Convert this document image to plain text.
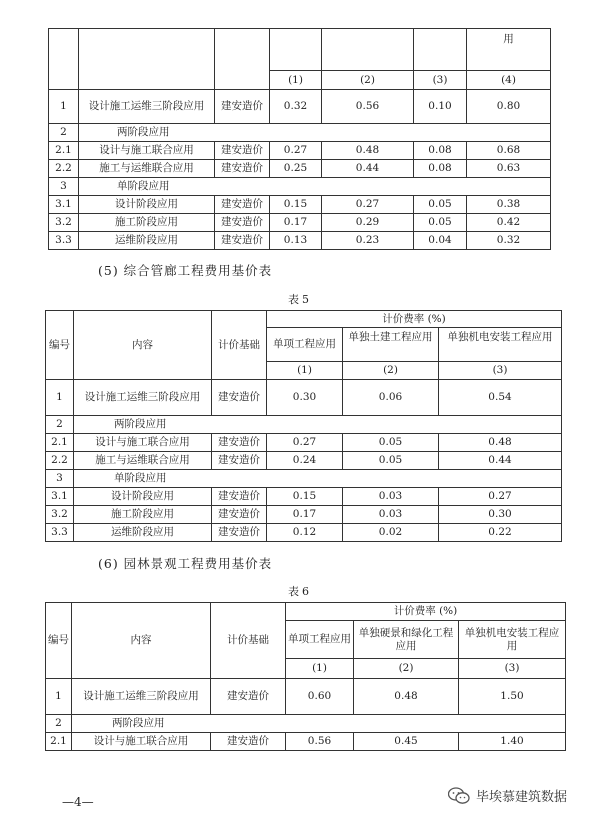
						用
			(1)	(2)	(3)	(4)
1	设计施工运维三阶段应用	建安造价	0.32	0.56	0.10	0.80
2	两阶段应用					
2.1	设计与施工联合应用	建安造价	0.27	0.48	0.08	0.68
2.2	施工与运维联合应用	建安造价	0.25	0.44	0.08	0.63
3	单阶段应用					
3.1	设计阶段应用	建安造价	0.15	0.27	0.05	0.38
3.2	施工阶段应用	建安造价	0.17	0.29	0.05	0.42
3.3	运维阶段应用	建安造价	0.13	0.23	0.04	0.32
(5) 综合管廊工程费用基价表
表5
编号	内容	计价基础	计价费率 (%)		
			单项工程应用	单独土建工程应用	单独机电安装工程应用
			(1)	(2)	(3)
1	设计施工运维三阶段应用	建安造价	0.30	0.06	0.54
2	两阶段应用				
2.1	设计与施工联合应用	建安造价	0.27	0.05	0.48
2.2	施工与运维联合应用	建安造价	0.24	0.05	0.44
3	单阶段应用				
3.1	设计阶段应用	建安造价	0.15	0.03	0.27
3.2	施工阶段应用	建安造价	0.17	0.03	0.30
3.3	运维阶段应用	建安造价	0.12	0.02	0.22
(6) 园林景观工程费用基价表
表6
编号	内容	计价基础	计价费率 (%)		
			单项工程应用	单独硬景和绿化工程应用	单独机电安装工程应用
			(1)	(2)	(3)
1	设计施工运维三阶段应用	建安造价	0.60	0.48	1.50
2	两阶段应用				
2.1	设计与施工联合应用	建安造价	0.56	0.45	1.40
—4—	毕埃慕建筑数据
